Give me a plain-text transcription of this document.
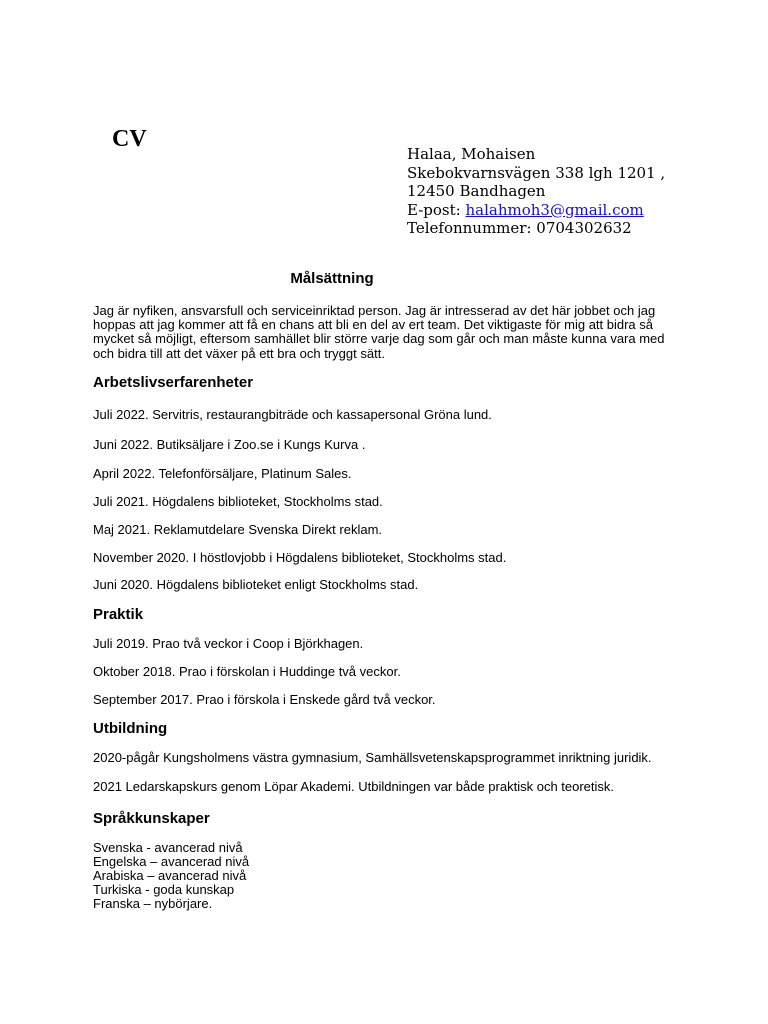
CV
Halaa, Mohaisen
Skebokvarnsvägen 338 lgh 1201 ,
12450 Bandhagen
E-post: halahmoh3@gmail.com
Telefonnummer: 0704302632
Målsättning

Jag är nyfiken, ansvarsfull och serviceinriktad person. Jag är intresserad av det här jobbet och jag hoppas att jag kommer att få en chans att bli en del av ert team. Det viktigaste för mig att bidra så mycket så möjligt, eftersom samhället blir större varje dag som går och man måste kunna vara med och bidra till att det växer på ett bra och tryggt sätt.

Arbetslivserfarenheter

Juli 2022. Servitris, restaurangbiträde och kassapersonal Gröna lund.

Juni 2022. Butiksäljare i Zoo.se i Kungs Kurva .

April 2022. Telefonförsäljare, Platinum Sales.

Juli 2021. Högdalens biblioteket, Stockholms stad.

Maj 2021. Reklamutdelare Svenska Direkt reklam.

November 2020. I höstlovjobb i Högdalens biblioteket, Stockholms stad.

Juni 2020. Högdalens biblioteket enligt Stockholms stad.

Praktik

Juli 2019. Prao två veckor i Coop i Björkhagen.

Oktober 2018. Prao i förskolan i Huddinge två veckor.

September 2017. Prao i förskola i Enskede gård två veckor.

Utbildning

2020-pågår Kungsholmens västra gymnasium, Samhällsvetenskapsprogrammet inriktning juridik.

2021 Ledarskapskurs genom Löpar Akademi. Utbildningen var både praktisk och teoretisk.

Språkkunskaper
Svenska - avancerad nivå
Engelska – avancerad nivå
Arabiska – avancerad nivå
Turkiska - goda kunskap
Franska – nybörjare.
